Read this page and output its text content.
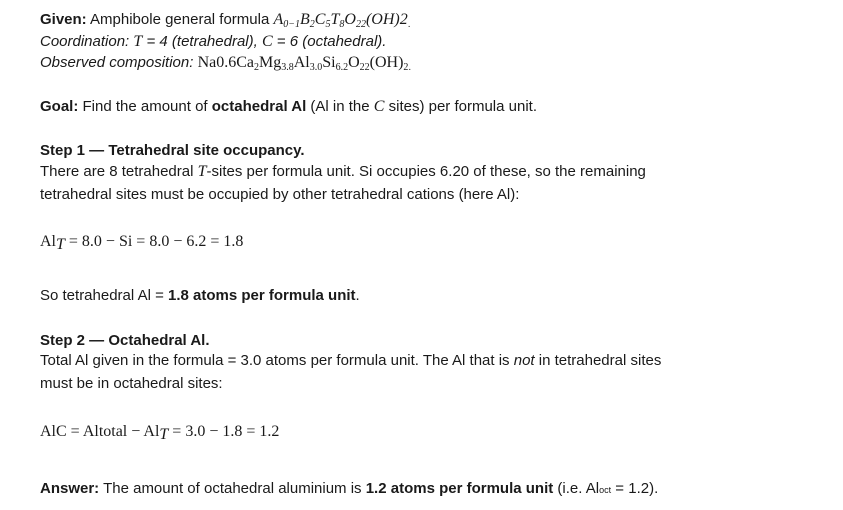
Given: Amphibole general formula $A_{0-1}B_2C_5T_8O_{22}(OH)2_.$
Coordination: T = 4 (tetrahedral), C = 6 (octahedral).
Observed composition: $Na0.6Ca_2Mg_{3.8}Al_{3.0}Si_{6.2}O_{22}(OH)_{2.}$
Goal: Find the amount of octahedral Al (Al in the C sites) per formula unit.
Step 1 — Tetrahedral site occupancy.
There are 8 tetrahedral T-sites per formula unit. Si occupies 6.20 of these, so the remaining
tetrahedral sites must be occupied by other tetrahedral cations (here Al):
$Al_T = 8.0 - Si = 8.0 - 6.2 = 1.8$
So tetrahedral Al = 1.8 atoms per formula unit.
Step 2 — Octahedral Al.
Total Al given in the formula = 3.0 atoms per formula unit. The Al that is not in tetrahedral sites
must be in octahedral sites:
AlC = Altotal − $Al_T = 3.0 - 1.8 = 1.2$
Answer: The amount of octahedral aluminium is 1.2 atoms per formula unit (i.e. Aloct = 1.2).
